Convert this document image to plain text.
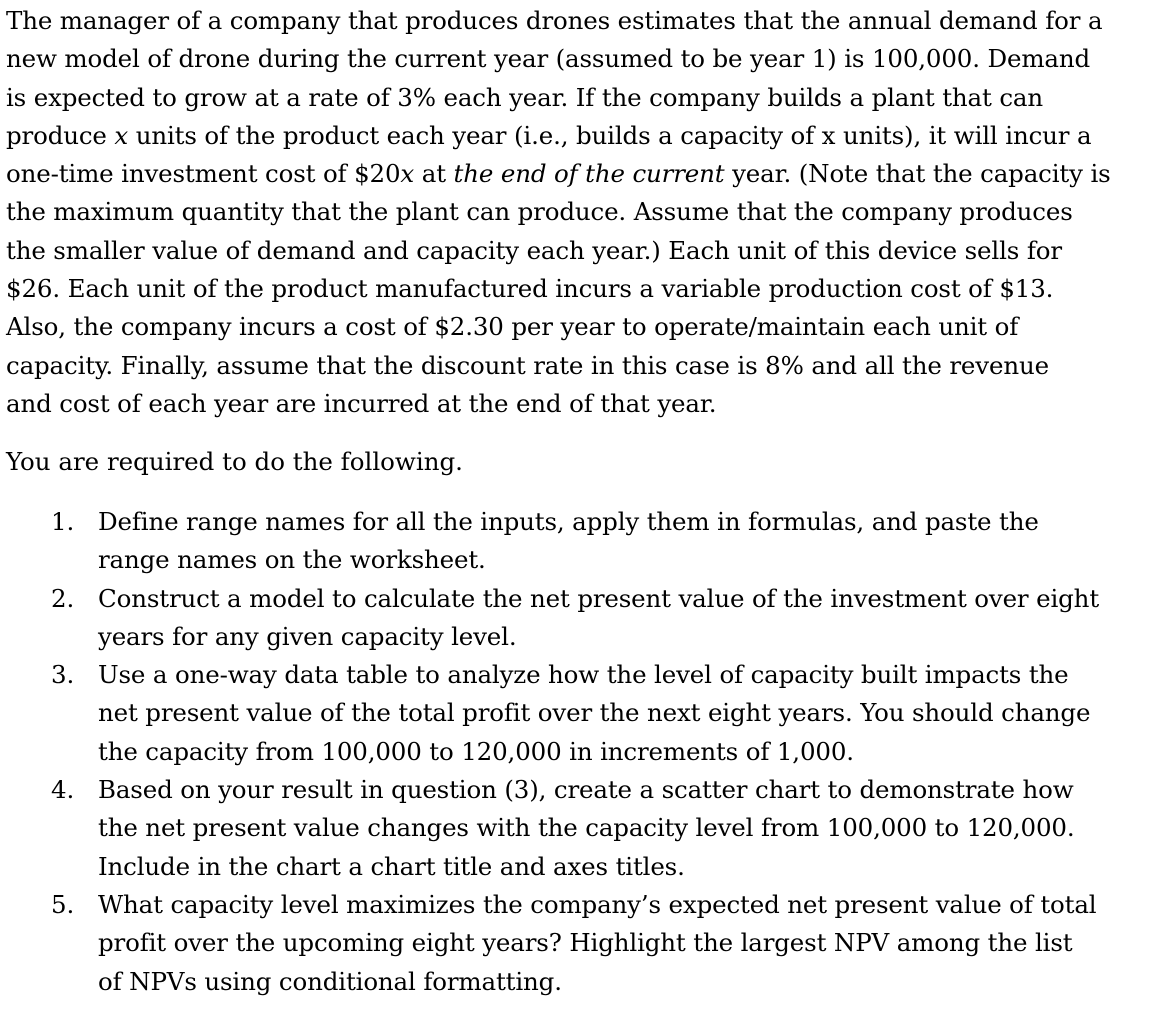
The manager of a company that produces drones estimates that the annual demand for a
new model of drone during the current year (assumed to be year 1) is 100,000. Demand
is expected to grow at a rate of 3% each year. If the company builds a plant that can
produce x units of the product each year (i.e., builds a capacity of x units), it will incur a
one-time investment cost of $20x at the end of the current year. (Note that the capacity is
the maximum quantity that the plant can produce. Assume that the company produces
the smaller value of demand and capacity each year.) Each unit of this device sells for
$26. Each unit of the product manufactured incurs a variable production cost of $13.
Also, the company incurs a cost of $2.30 per year to operate/maintain each unit of
capacity. Finally, assume that the discount rate in this case is 8% and all the revenue
and cost of each year are incurred at the end of that year.

You are required to do the following.

1. Define range names for all the inputs, apply them in formulas, and paste the
range names on the worksheet.
2. Construct a model to calculate the net present value of the investment over eight
years for any given capacity level.
3. Use a one-way data table to analyze how the level of capacity built impacts the
net present value of the total profit over the next eight years. You should change
the capacity from 100,000 to 120,000 in increments of 1,000.
4. Based on your result in question (3), create a scatter chart to demonstrate how
the net present value changes with the capacity level from 100,000 to 120,000.
Include in the chart a chart title and axes titles.
5. What capacity level maximizes the company’s expected net present value of total
profit over the upcoming eight years? Highlight the largest NPV among the list
of NPVs using conditional formatting.
